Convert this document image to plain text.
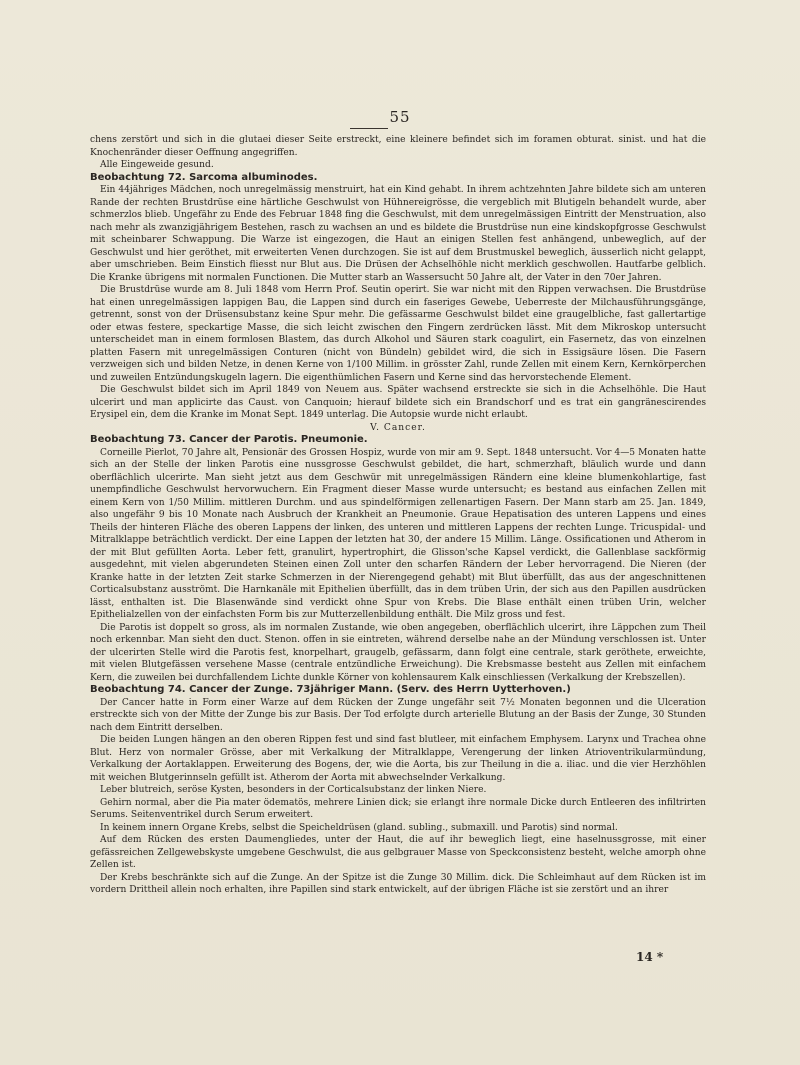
55

chens zerstört und sich in die glutaei dieser Seite erstreckt, eine kleinere befindet sich im foramen obturat. sinist. und hat die Knochenränder dieser Oeffnung angegriffen.

Alle Eingeweide gesund.

Beobachtung 72. Sarcoma albuminodes.

Ein 44jähriges Mädchen, noch unregelmässig menstruirt, hat ein Kind gehabt. In ihrem achtzehnten Jahre bildete sich am unteren Rande der rechten Brustdrüse eine härtliche Geschwulst von Hühnereigrösse, die vergeblich mit Blutigeln behandelt wurde, aber schmerzlos blieb. Ungefähr zu Ende des Februar 1848 fing die Geschwulst, mit dem unregelmässigen Eintritt der Menstruation, also nach mehr als zwanzigjährigem Bestehen, rasch zu wachsen an und es bildete die Brustdrüse nun eine kindskopfgrosse Geschwulst mit scheinbarer Schwappung. Die Warze ist eingezogen, die Haut an einigen Stellen fest anhängend, unbeweglich, auf der Geschwulst und hier geröthet, mit erweiterten Venen durchzogen. Sie ist auf dem Brustmuskel beweglich, äusserlich nicht gelappt, aber umschrieben. Beim Einstich fliesst nur Blut aus. Die Drüsen der Achselhöhle nicht merklich geschwollen. Hautfarbe gelblich. Die Kranke übrigens mit normalen Functionen. Die Mutter starb an Wassersucht 50 Jahre alt, der Vater in den 70er Jahren.

Die Brustdrüse wurde am 8. Juli 1848 vom Herrn Prof. Seutin operirt. Sie war nicht mit den Rippen verwachsen. Die Brustdrüse hat einen unregelmässigen lappigen Bau, die Lappen sind durch ein faseriges Gewebe, Ueberreste der Milchausführungsgänge, getrennt, sonst von der Drüsensubstanz keine Spur mehr. Die gefässarme Geschwulst bildet eine graugelbliche, fast gallertartige oder etwas festere, speckartige Masse, die sich leicht zwischen den Fingern zerdrücken lässt. Mit dem Mikroskop untersucht unterscheidet man in einem formlosen Blastem, das durch Alkohol und Säuren stark coagulirt, ein Fasernetz, das von einzelnen platten Fasern mit unregelmässigen Conturen (nicht von Bündeln) gebildet wird, die sich in Essigsäure lösen. Die Fasern verzweigen sich und bilden Netze, in denen Kerne von 1/100 Millim. in grösster Zahl, runde Zellen mit einem Kern, Kernkörperchen und zuweilen Entzündungskugeln lagern. Die eigenthümlichen Fasern und Kerne sind das hervorstechende Element.

Die Geschwulst bildet sich im April 1849 von Neuem aus. Später wachsend erstreckte sie sich in die Achselhöhle. Die Haut ulcerirt und man applicirte das Caust. von Canquoin; hierauf bildete sich ein Brandschorf und es trat ein gangränescirendes Erysipel ein, dem die Kranke im Monat Sept. 1849 unterlag. Die Autopsie wurde nicht erlaubt.

V. Cancer.

Beobachtung 73. Cancer der Parotis. Pneumonie.

Corneille Pierlot, 70 Jahre alt, Pensionär des Grossen Hospiz, wurde von mir am 9. Sept. 1848 untersucht. Vor 4—5 Monaten hatte sich an der Stelle der linken Parotis eine nussgrosse Geschwulst gebildet, die hart, schmerzhaft, bläulich wurde und dann oberflächlich ulcerirte. Man sieht jetzt aus dem Geschwür mit unregelmässigen Rändern eine kleine blumenkohlartige, fast unempfindliche Geschwulst hervorwuchern. Ein Fragment dieser Masse wurde untersucht; es bestand aus einfachen Zellen mit einem Kern von 1/50 Millim. mittleren Durchm. und aus spindelförmigen zellenartigen Fasern. Der Mann starb am 25. Jan. 1849, also ungefähr 9 bis 10 Monate nach Ausbruch der Krankheit an Pneumonie. Graue Hepatisation des unteren Lappens und eines Theils der hinteren Fläche des oberen Lappens der linken, des unteren und mittleren Lappens der rechten Lunge. Tricuspidal- und Mitralklappe beträchtlich verdickt. Der eine Lappen der letzten hat 30, der andere 15 Millim. Länge. Ossificationen und Atherom in der mit Blut gefüllten Aorta. Leber fett, granulirt, hypertrophirt, die Glisson'sche Kapsel verdickt, die Gallenblase sackförmig ausgedehnt, mit vielen abgerundeten Steinen einen Zoll unter den scharfen Rändern der Leber hervorragend. Die Nieren (der Kranke hatte in der letzten Zeit starke Schmerzen in der Nierengegend gehabt) mit Blut überfüllt, das aus der angeschnittenen Corticalsubstanz ausströmt. Die Harnkanäle mit Epithelien überfüllt, das in dem trüben Urin, der sich aus den Papillen ausdrücken lässt, enthalten ist. Die Blasenwände sind verdickt ohne Spur von Krebs. Die Blase enthält einen trüben Urin, welcher Epithelialzellen von der einfachsten Form bis zur Mutterzellenbildung enthält. Die Milz gross und fest.

Die Parotis ist doppelt so gross, als im normalen Zustande, wie oben angegeben, oberflächlich ulcerirt, ihre Läppchen zum Theil noch erkennbar. Man sieht den duct. Stenon. offen in sie eintreten, während derselbe nahe an der Mündung verschlossen ist. Unter der ulcerirten Stelle wird die Parotis fest, knorpelhart, graugelb, gefässarm, dann folgt eine centrale, stark geröthete, erweichte, mit vielen Blutgefässen versehene Masse (centrale entzündliche Erweichung). Die Krebsmasse besteht aus Zellen mit einfachem Kern, die zuweilen bei durchfallendem Lichte dunkle Körner von kohlensaurem Kalk einschliessen (Verkalkung der Krebszellen).

Beobachtung 74. Cancer der Zunge. 73jähriger Mann. (Serv. des Herrn Uytterhoven.)

Der Cancer hatte in Form einer Warze auf dem Rücken der Zunge ungefähr seit 7½ Monaten begonnen und die Ulceration erstreckte sich von der Mitte der Zunge bis zur Basis. Der Tod erfolgte durch arterielle Blutung an der Basis der Zunge, 30 Stunden nach dem Eintritt derselben.

Die beiden Lungen hängen an den oberen Rippen fest und sind fast blutleer, mit einfachem Emphysem. Larynx und Trachea ohne Blut. Herz von normaler Grösse, aber mit Verkalkung der Mitralklappe, Verengerung der linken Atrioventrikularmündung, Verkalkung der Aortaklappen. Erweiterung des Bogens, der, wie die Aorta, bis zur Theilung in die a. iliac. und die vier Herzhöhlen mit weichen Blutgerinnseln gefüllt ist. Atherom der Aorta mit abwechselnder Verkalkung.

Leber blutreich, seröse Kysten, besonders in der Corticalsubstanz der linken Niere.

Gehirn normal, aber die Pia mater ödematös, mehrere Linien dick; sie erlangt ihre normale Dicke durch Entleeren des infiltrirten Serums. Seitenventrikel durch Serum erweitert.

In keinem innern Organe Krebs, selbst die Speicheldrüsen (gland. subling., submaxill. und Parotis) sind normal.

Auf dem Rücken des ersten Daumengliedes, unter der Haut, die auf ihr beweglich liegt, eine haselnussgrosse, mit einer gefässreichen Zellgewebskyste umgebene Geschwulst, die aus gelbgrauer Masse von Speckconsistenz besteht, welche amorph ohne Zellen ist.

Der Krebs beschränkte sich auf die Zunge. An der Spitze ist die Zunge 30 Millim. dick. Die Schleimhaut auf dem Rücken ist im vordern Drittheil allein noch erhalten, ihre Papillen sind stark entwickelt, auf der übrigen Fläche ist sie zerstört und an ihrer

14 *
